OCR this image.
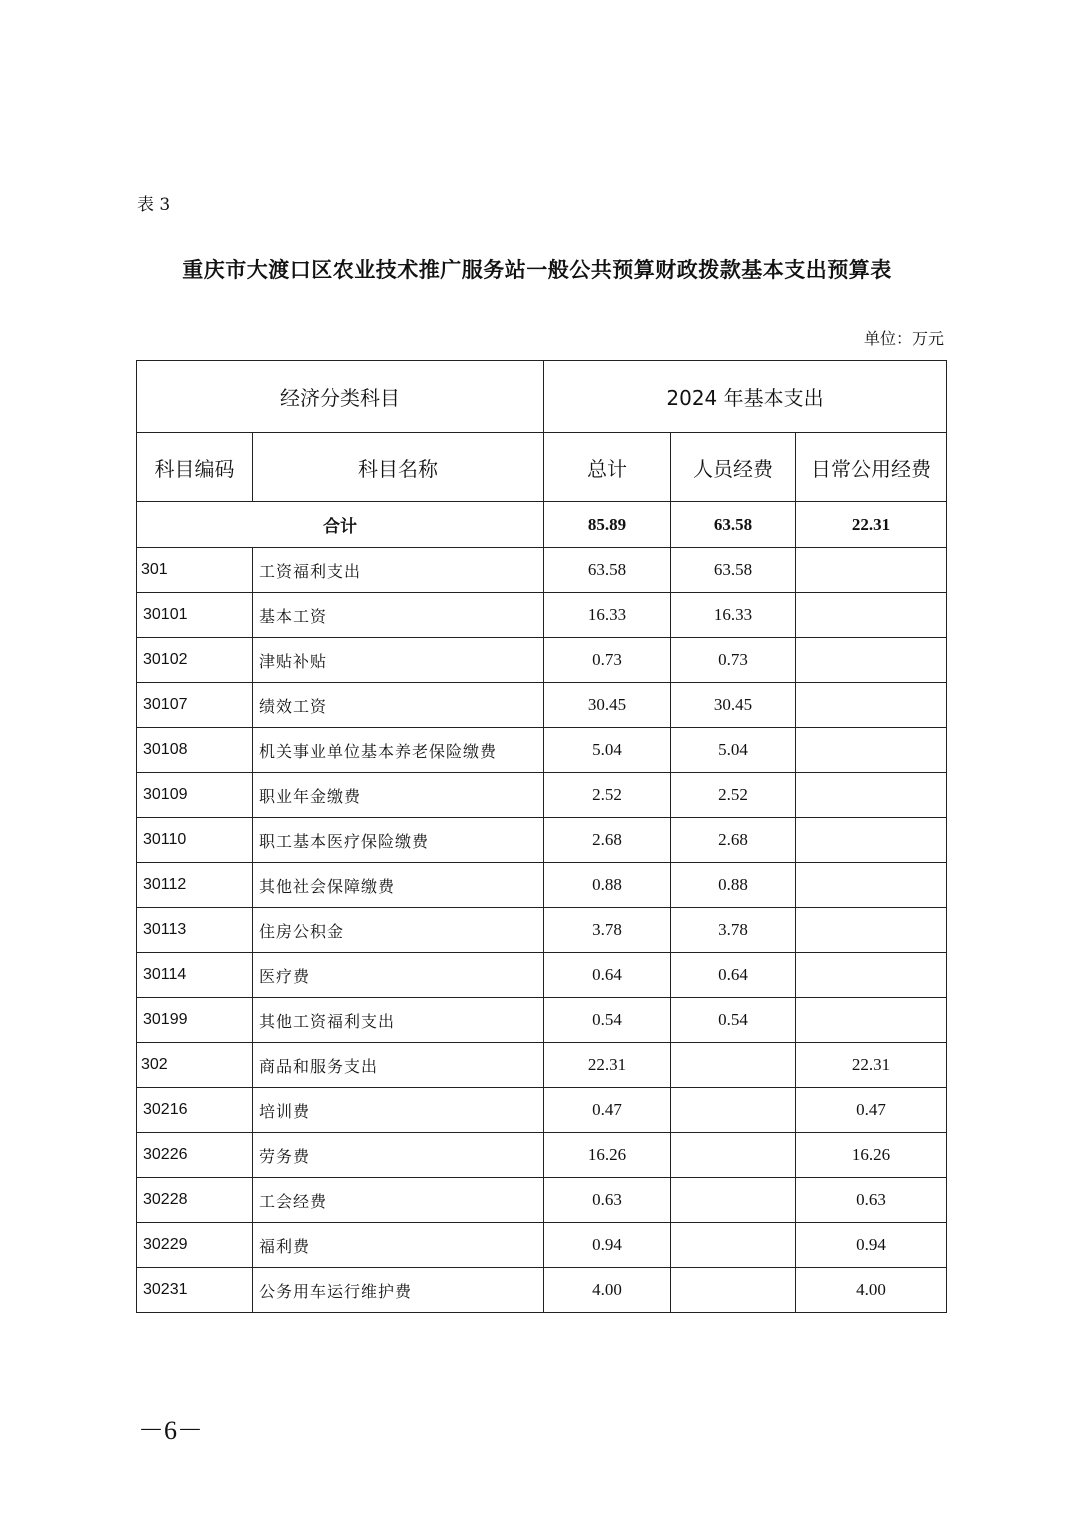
表 3
重庆市大渡口区农业技术推广服务站一般公共预算财政拨款基本支出预算表
单位：万元
经济分类科目		2024 年基本支出		
科目编码	科目名称	总计	人员经费	日常公用经费
合计		85.89	63.58	22.31
301	工资福利支出	63.58	63.58	
30101	基本工资	16.33	16.33	
30102	津贴补贴	0.73	0.73	
30107	绩效工资	30.45	30.45	
30108	机关事业单位基本养老保险缴费	5.04	5.04	
30109	职业年金缴费	2.52	2.52	
30110	职工基本医疗保险缴费	2.68	2.68	
30112	其他社会保障缴费	0.88	0.88	
30113	住房公积金	3.78	3.78	
30114	医疗费	0.64	0.64	
30199	其他工资福利支出	0.54	0.54	
302	商品和服务支出	22.31		22.31
30216	培训费	0.47		0.47
30226	劳务费	16.26		16.26
30228	工会经费	0.63		0.63
30229	福利费	0.94		0.94
30231	公务用车运行维护费	4.00		4.00
－6－
